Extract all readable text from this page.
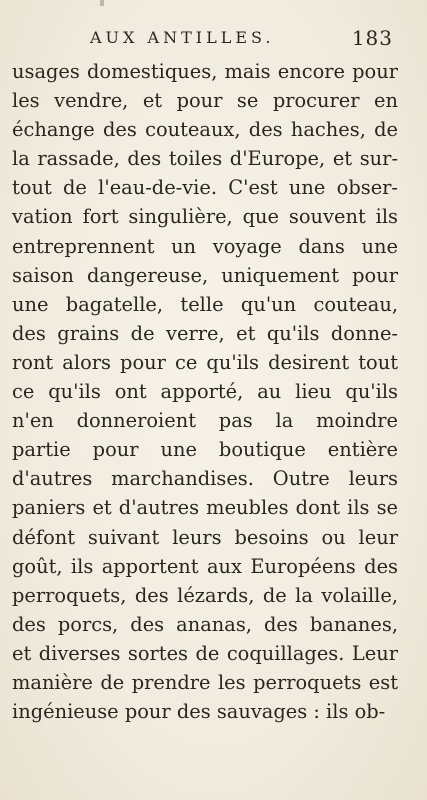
AUX ANTILLES.	183
usages domestiques, mais encore pour
les vendre, et pour se procurer en
échange des couteaux, des haches, de
la rassade, des toiles d'Europe, et sur-
tout de l'eau-de-vie. C'est une obser-
vation fort singulière, que souvent ils
entreprennent un voyage dans une
saison dangereuse, uniquement pour
une bagatelle, telle qu'un couteau,
des grains de verre, et qu'ils donne-
ront alors pour ce qu'ils desirent tout
ce qu'ils ont apporté, au lieu qu'ils
n'en donneroient pas la moindre
partie pour une boutique entière
d'autres marchandises. Outre leurs
paniers et d'autres meubles dont ils se
défont suivant leurs besoins ou leur
goût, ils apportent aux Européens des
perroquets, des lézards, de la volaille,
des porcs, des ananas, des bananes,
et diverses sortes de coquillages. Leur
manière de prendre les perroquets est
ingénieuse pour des sauvages : ils ob-
